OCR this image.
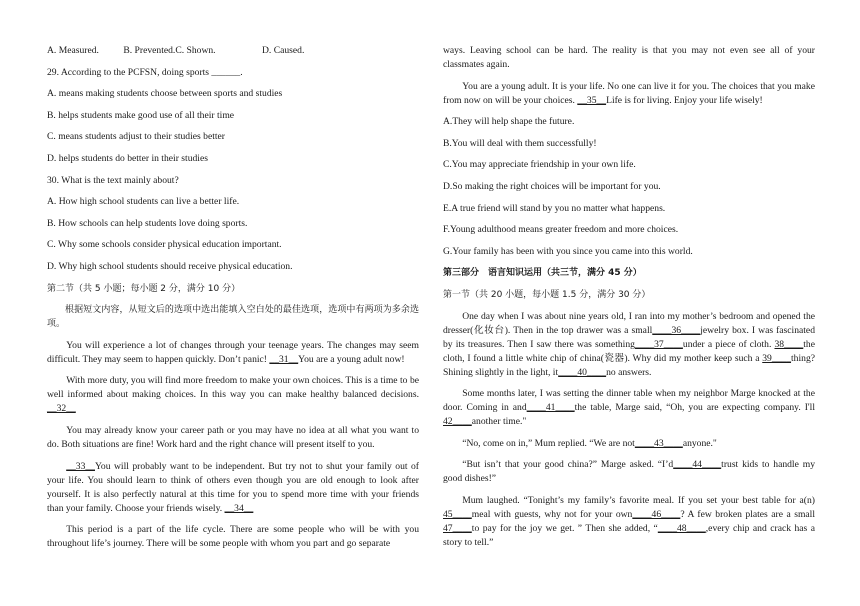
A. Measured.	B. Prevented.C. Shown.	D. Caused.
29. According to the PCFSN, doing sports ______.
A. means making students choose between sports and studies
B. helps students make good use of all their time
C. means students adjust to their studies better
D. helps students do better in their studies
30. What is the text mainly about?
A. How high school students can live a better life.
B. How schools can help students love doing sports.
C. Why some schools consider physical education important.
D. Why high school students should receive physical education.
第二节（共 5 小题；每小题 2 分，满分 10 分）
根据短文内容，从短文后的选项中选出能填入空白处的最佳选项，选项中有两项为多余选项。
You will experience a lot of changes through your teenage years. The changes may seem difficult. They may seem to happen quickly. Don’t panic! __31__You are a young adult now!
With more duty, you will find more freedom to make your own choices. This is a time to be well informed about making choices. In this way you can make healthy balanced decisions. __32__
You may already know your career path or you may have no idea at all what you want to do. Both situations are fine! Work hard and the right chance will present itself to you.
__33__You will probably want to be independent. But try not to shut your family out of your life. You should learn to think of others even though you are old enough to look after yourself. It is also perfectly natural at this time for you to spend more time with your friends than your family. Choose your friends wisely. __34__
This period is a part of the life cycle. There are some people who will be with you throughout life’s journey. There will be some people with whom you part and go separate
ways. Leaving school can be hard. The reality is that you may not even see all of your classmates again.
You are a young adult. It is your life. No one can live it for you. The choices that you make from now on will be your choices. __35__Life is for living. Enjoy your life wisely!
A.They will help shape the future.
B.You will deal with them successfully!
C.You may appreciate friendship in your own life.
D.So making the right choices will be important for you.
E.A true friend will stand by you no matter what happens.
F.Young adulthood means greater freedom and more choices.
G.Your family has been with you since you came into this world.
第三部分　语言知识运用（共三节，满分 45 分）
第一节（共 20 小题，每小题 1.5 分，满分 30 分）
One day when I was about nine years old, I ran into my mother’s bedroom and opened the dresser(化妆台). Then in the top drawer was a small____36____jewelry box. I was fascinated by its treasures. Then I saw there was something____37____under a piece of cloth. 38____the cloth, I found a little white chip of china(瓷器). Why did my mother keep such a 39____thing? Shining slightly in the light, it____40____no answers.
Some months later, I was setting the dinner table when my neighbor Marge knocked at the door. Coming in and____41____the table, Marge said, “Oh, you are expecting company. I'll 42____another time."
“No, come on in,” Mum replied. “We are not____43____anyone."
“But isn’t that your good china?” Marge asked. “I’d____44____trust kids to handle my good dishes!”
Mum laughed. “Tonight’s my family’s favorite meal. If you set your best table for a(n) 45____meal with guests, why not for your own____46____? A few broken plates are a small 47____to pay for the joy we get. ” Then she added, “____48____,every chip and crack has a story to tell.”
